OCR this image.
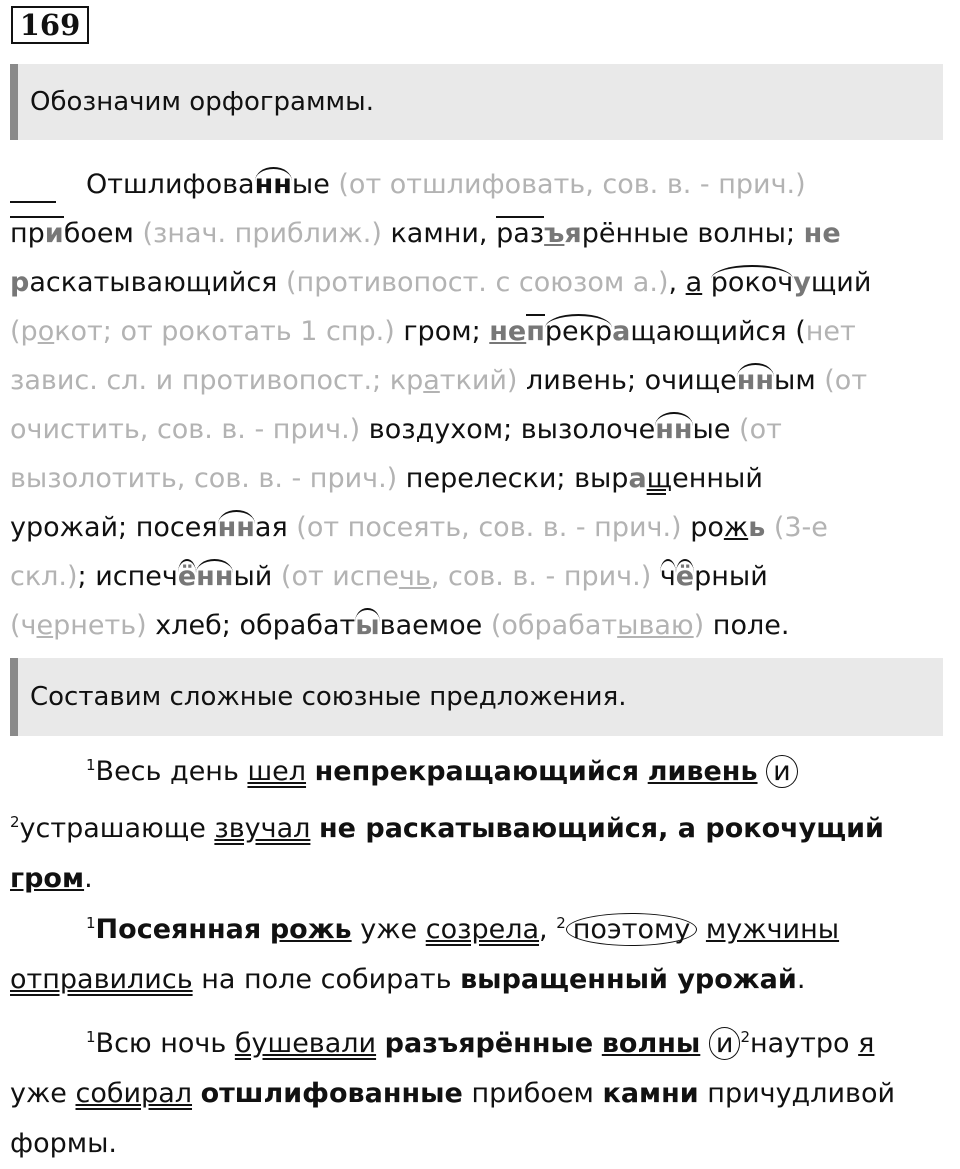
169
Обозначим орфограммы.

Отшлифованные (от отшлифовать, сов. в. - прич.)

прибоем (знач. приближ.) камни, разъярённые волны; не

раскатывающийся (противопост. с союзом а.), а рокочущий

(рокот; от рокотать 1 спр.) гром; непрекращающийся (нет

завис. сл. и противопост.; краткий) ливень; очищенным (от

очистить, сов. в. - прич.) воздухом; вызолоченные (от

вызолотить, сов. в. - прич.) перелески; выращенный

урожай; посеянная (от посеять, сов. в. - прич.) рожь (3-е

скл.); испечённый (от испечь, сов. в. - прич.) чёрный

(чернеть) хлеб; обрабатываемое (обрабатываю) поле.

Составим сложные союзные предложения.

$^1$Весь день шел непрекращающийся ливень и

$^2$устрашающе звучал не раскатывающийся, а рокочущий

гром.

$^1$Посеянная рожь уже созрела, $^2$ поэтому мужчины

отправились на поле собирать выращенный урожай.

$^1$Всю ночь бушевали разъярённые волны и $^2$наутро я

уже собирал отшлифованные прибоем камни причудливой формы.
